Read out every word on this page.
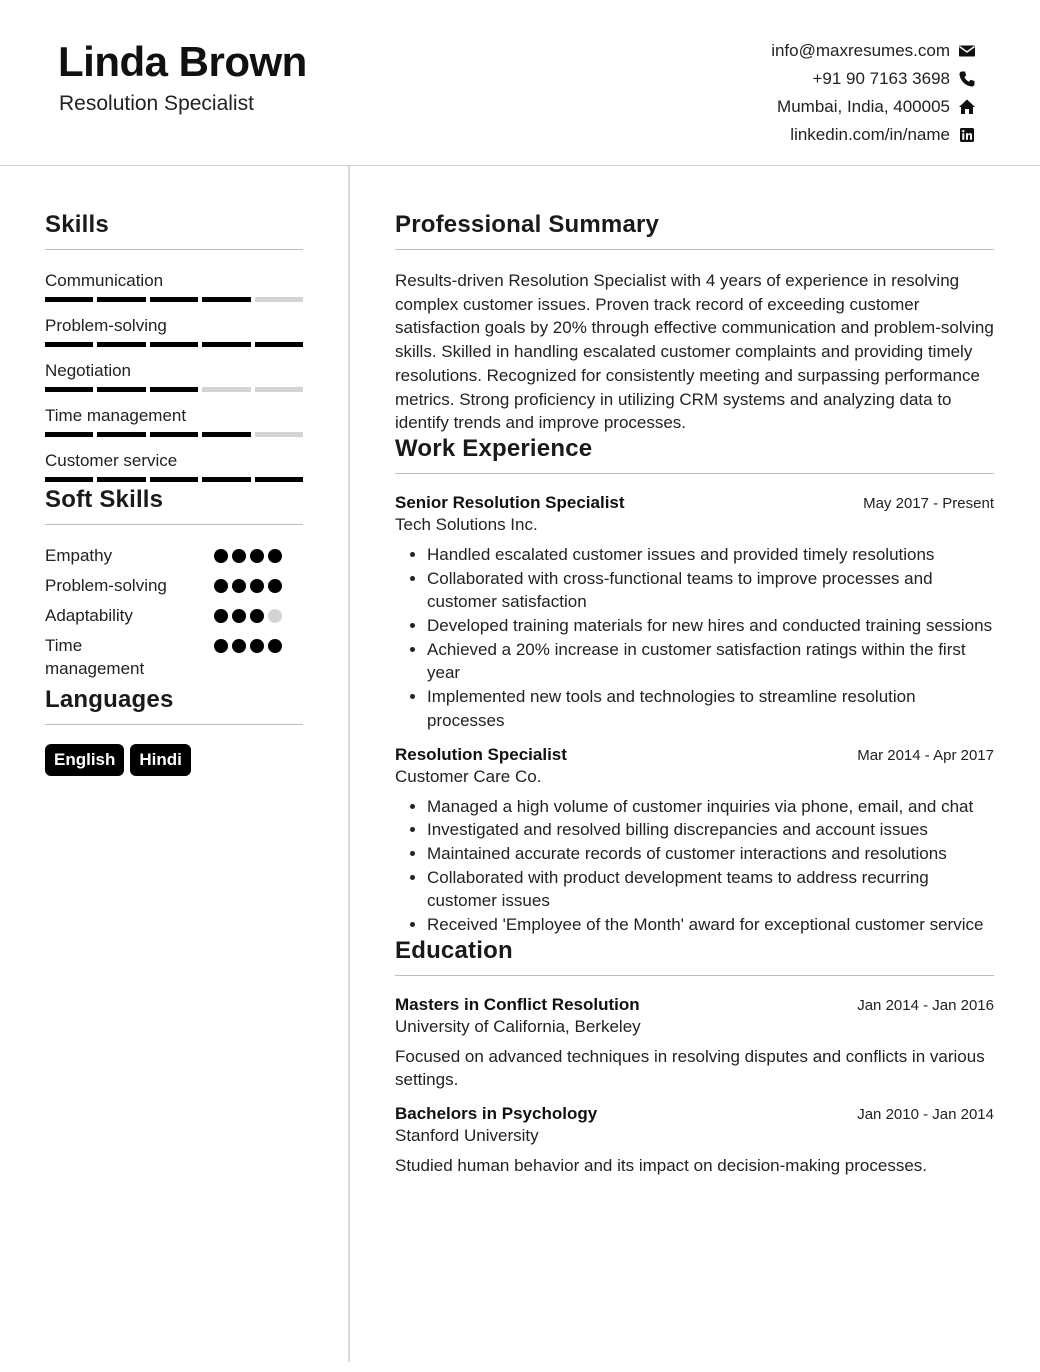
Linda Brown
Resolution Specialist
info@maxresumes.com
+91 90 7163 3698
Mumbai, India, 400005
linkedin.com/in/name
Skills
Communication
Problem-solving
Negotiation
Time management
Customer service
Soft Skills
Empathy
Problem-solving
Adaptability
Time management
Languages
English	Hindi
Professional Summary

Results-driven Resolution Specialist with 4 years of experience in resolving complex customer issues. Proven track record of exceeding customer satisfaction goals by 20% through effective communication and problem-solving skills. Skilled in handling escalated customer complaints and providing timely resolutions. Recognized for consistently meeting and surpassing performance metrics. Strong proficiency in utilizing CRM systems and analyzing data to identify trends and improve processes.

Work Experience
Senior Resolution Specialist	May 2017 - Present
Tech Solutions Inc.
• Handled escalated customer issues and provided timely resolutions
• Collaborated with cross-functional teams to improve processes and customer satisfaction
• Developed training materials for new hires and conducted training sessions
• Achieved a 20% increase in customer satisfaction ratings within the first year
• Implemented new tools and technologies to streamline resolution processes
Resolution Specialist	Mar 2014 - Apr 2017
Customer Care Co.
• Managed a high volume of customer inquiries via phone, email, and chat
• Investigated and resolved billing discrepancies and account issues
• Maintained accurate records of customer interactions and resolutions
• Collaborated with product development teams to address recurring customer issues
• Received 'Employee of the Month' award for exceptional customer service
Education
Masters in Conflict Resolution	Jan 2014 - Jan 2016
University of California, Berkeley

Focused on advanced techniques in resolving disputes and conflicts in various settings.

Bachelors in Psychology	Jan 2010 - Jan 2014
Stanford University

Studied human behavior and its impact on decision-making processes.
